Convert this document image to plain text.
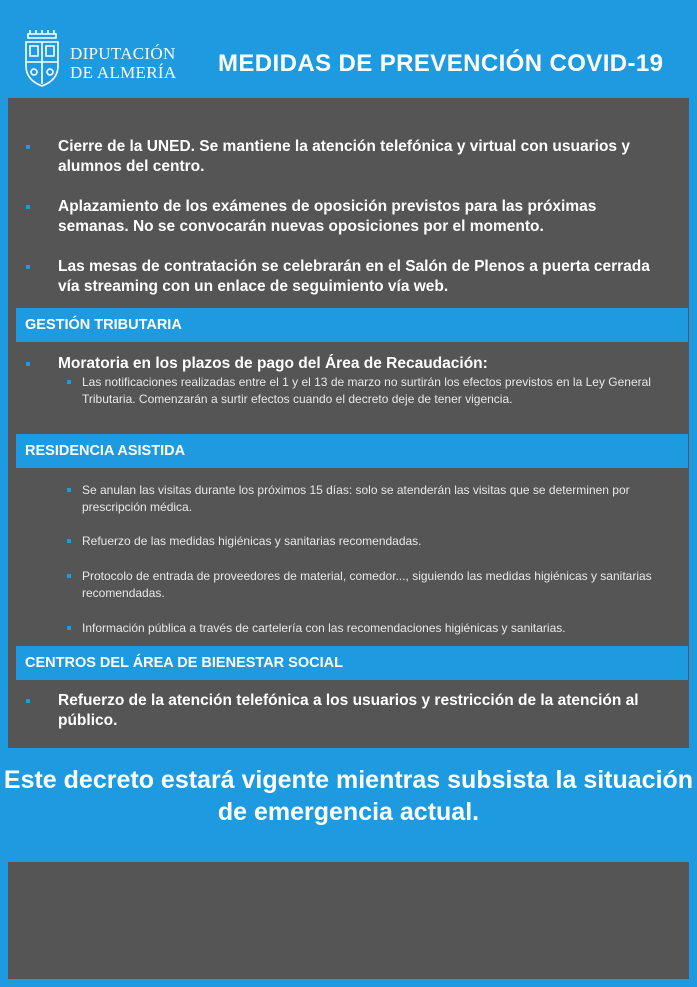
DIPUTACIÓN
DE ALMERÍA MEDIDAS DE PREVENCIÓN COVID-19
Cierre de la UNED. Se mantiene la atención telefónica y virtual con usuarios y alumnos del centro.
Aplazamiento de los exámenes de oposición previstos para las próximas semanas. No se convocarán nuevas oposiciones por el momento.
Las mesas de contratación se celebrarán en el Salón de Plenos a puerta cerrada vía streaming con un enlace de seguimiento vía web.
GESTIÓN TRIBUTARIA
Moratoria en los plazos de pago del Área de Recaudación:
Las notificaciones realizadas entre el 1 y el 13 de marzo no surtirán los efectos previstos en la Ley General Tributaria. Comenzarán a surtir efectos cuando el decreto deje de tener vigencia.
RESIDENCIA ASISTIDA
Se anulan las visitas durante los próximos 15 días: solo se atenderán las visitas que se determinen por prescripción médica.
Refuerzo de las medidas higiénicas y sanitarias recomendadas.
Protocolo de entrada de proveedores de material, comedor..., siguiendo las medidas higiénicas y sanitarias recomendadas.
Información pública a través de cartelería con las recomendaciones higiénicas y sanitarias.
CENTROS DEL ÁREA DE BIENESTAR SOCIAL
Refuerzo de la atención telefónica a los usuarios y restricción de la atención al público.
Este decreto estará vigente mientras subsista la situación de emergencia actual.
